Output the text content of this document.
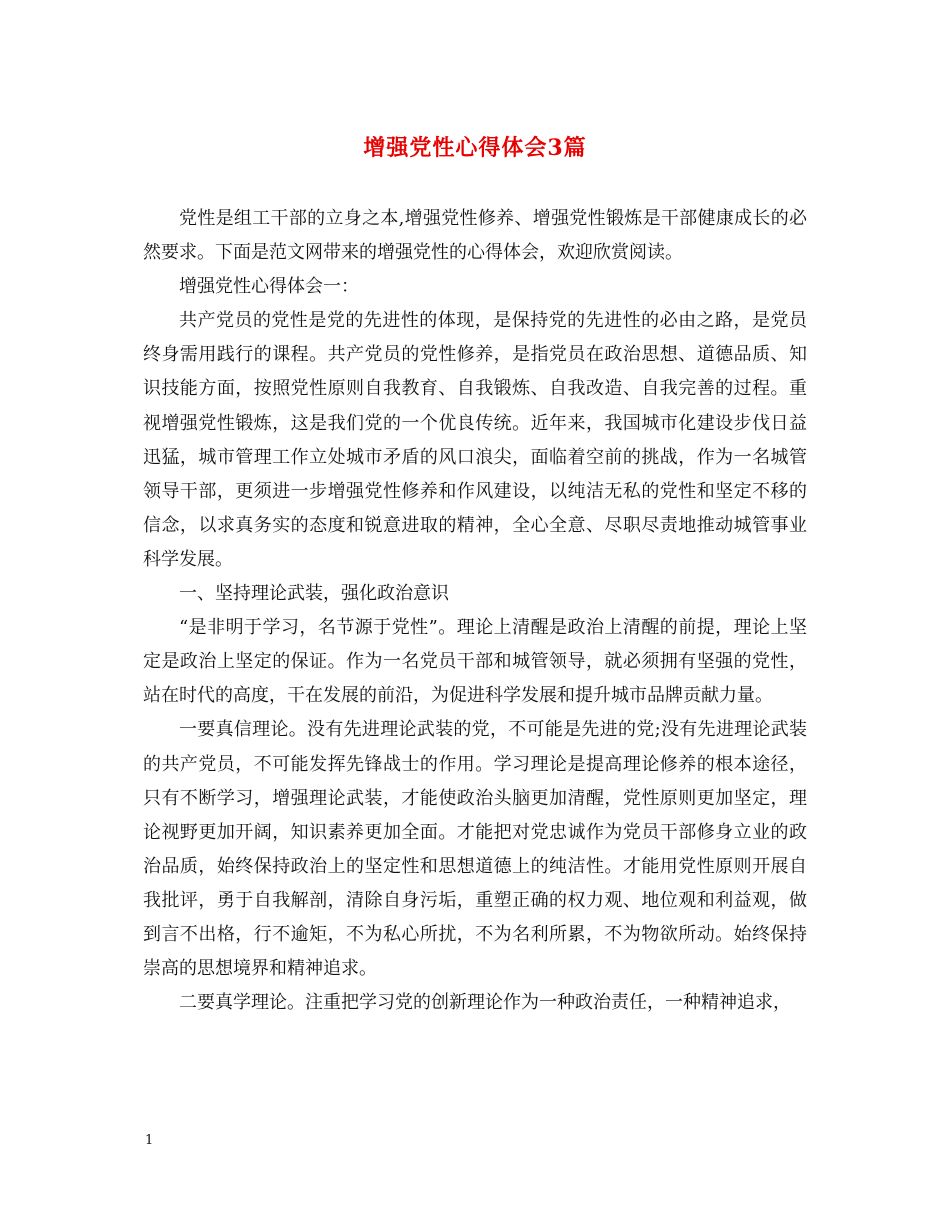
增强党性心得体会3篇

党性是组工干部的立身之本,增强党性修养、增强党性锻炼是干部健康成长的必然要求。下面是范文网带来的增强党性的心得体会，欢迎欣赏阅读。

增强党性心得体会一：

共产党员的党性是党的先进性的体现，是保持党的先进性的必由之路，是党员终身需用践行的课程。共产党员的党性修养，是指党员在政治思想、道德品质、知识技能方面，按照党性原则自我教育、自我锻炼、自我改造、自我完善的过程。重视增强党性锻炼，这是我们党的一个优良传统。近年来，我国城市化建设步伐日益迅猛，城市管理工作立处城市矛盾的风口浪尖，面临着空前的挑战，作为一名城管领导干部，更须进一步增强党性修养和作风建设，以纯洁无私的党性和坚定不移的信念，以求真务实的态度和锐意进取的精神，全心全意、尽职尽责地推动城管事业科学发展。

一、坚持理论武装，强化政治意识

“是非明于学习，名节源于党性”。理论上清醒是政治上清醒的前提，理论上坚定是政治上坚定的保证。作为一名党员干部和城管领导，就必须拥有坚强的党性，站在时代的高度，干在发展的前沿，为促进科学发展和提升城市品牌贡献力量。

一要真信理论。没有先进理论武装的党，不可能是先进的党;没有先进理论武装的共产党员，不可能发挥先锋战士的作用。学习理论是提高理论修养的根本途径，只有不断学习，增强理论武装，才能使政治头脑更加清醒，党性原则更加坚定，理论视野更加开阔，知识素养更加全面。才能把对党忠诚作为党员干部修身立业的政治品质，始终保持政治上的坚定性和思想道德上的纯洁性。才能用党性原则开展自我批评，勇于自我解剖，清除自身污垢，重塑正确的权力观、地位观和利益观，做到言不出格，行不逾矩，不为私心所扰，不为名利所累，不为物欲所动。始终保持崇高的思想境界和精神追求。

二要真学理论。注重把学习党的创新理论作为一种政治责任，一种精神追求，

1
